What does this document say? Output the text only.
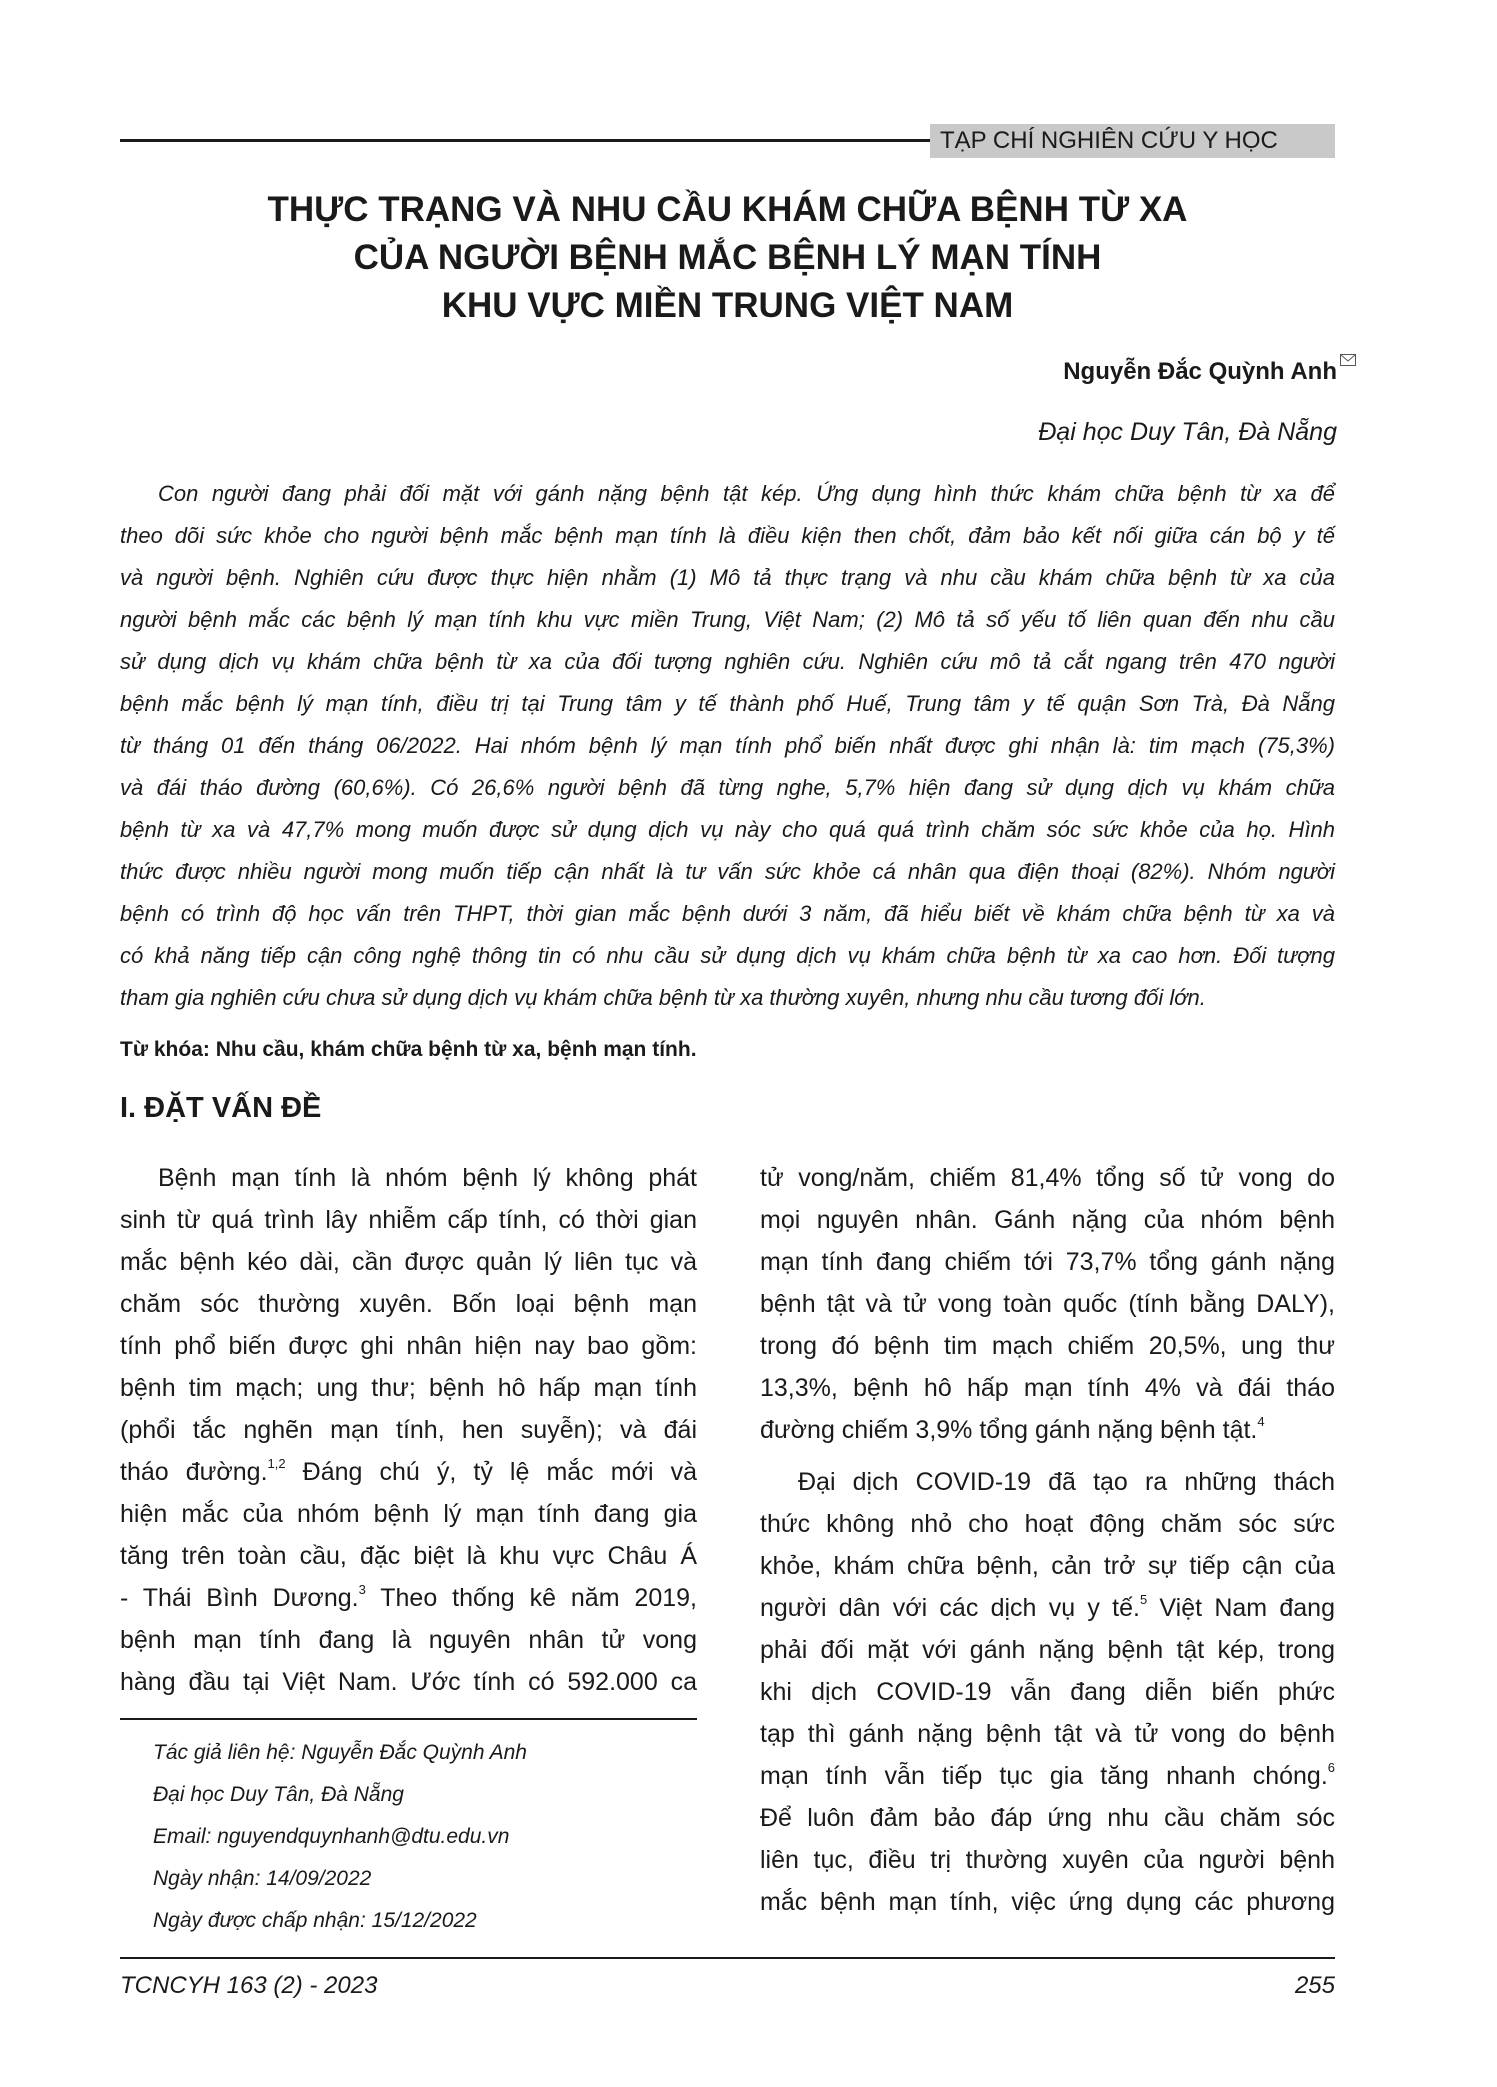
TẠP CHÍ NGHIÊN CỨU Y HỌC
THỰC TRẠNG VÀ NHU CẦU KHÁM CHỮA BỆNH TỪ XA
CỦA NGƯỜI BỆNH MẮC BỆNH LÝ MẠN TÍNH
KHU VỰC MIỀN TRUNG VIỆT NAM
Nguyễn Đắc Quỳnh Anh
Đại học Duy Tân, Đà Nẵng
Con người đang phải đối mặt với gánh nặng bệnh tật kép. Ứng dụng hình thức khám chữa bệnh từ xa để
theo dõi sức khỏe cho người bệnh mắc bệnh mạn tính là điều kiện then chốt, đảm bảo kết nối giữa cán bộ y tế
và người bệnh. Nghiên cứu được thực hiện nhằm (1) Mô tả thực trạng và nhu cầu khám chữa bệnh từ xa của
người bệnh mắc các bệnh lý mạn tính khu vực miền Trung, Việt Nam; (2) Mô tả số yếu tố liên quan đến nhu cầu
sử dụng dịch vụ khám chữa bệnh từ xa của đối tượng nghiên cứu. Nghiên cứu mô tả cắt ngang trên 470 người
bệnh mắc bệnh lý mạn tính, điều trị tại Trung tâm y tế thành phố Huế, Trung tâm y tế quận Sơn Trà, Đà Nẵng
từ tháng 01 đến tháng 06/2022. Hai nhóm bệnh lý mạn tính phổ biến nhất được ghi nhận là: tim mạch (75,3%)
và đái tháo đường (60,6%). Có 26,6% người bệnh đã từng nghe, 5,7% hiện đang sử dụng dịch vụ khám chữa
bệnh từ xa và 47,7% mong muốn được sử dụng dịch vụ này cho quá quá trình chăm sóc sức khỏe của họ. Hình
thức được nhiều người mong muốn tiếp cận nhất là tư vấn sức khỏe cá nhân qua điện thoại (82%). Nhóm người
bệnh có trình độ học vấn trên THPT, thời gian mắc bệnh dưới 3 năm, đã hiểu biết về khám chữa bệnh từ xa và
có khả năng tiếp cận công nghệ thông tin có nhu cầu sử dụng dịch vụ khám chữa bệnh từ xa cao hơn. Đối tượng
tham gia nghiên cứu chưa sử dụng dịch vụ khám chữa bệnh từ xa thường xuyên, nhưng nhu cầu tương đối lớn.
Từ khóa: Nhu cầu, khám chữa bệnh từ xa, bệnh mạn tính.
I. ĐẶT VẤN ĐỀ
Bệnh mạn tính là nhóm bệnh lý không phát
sinh từ quá trình lây nhiễm cấp tính, có thời gian
mắc bệnh kéo dài, cần được quản lý liên tục và
chăm sóc thường xuyên. Bốn loại bệnh mạn
tính phổ biến được ghi nhân hiện nay bao gồm:
bệnh tim mạch; ung thư; bệnh hô hấp mạn tính
(phổi tắc nghẽn mạn tính, hen suyễn); và đái
tháo đường.$^{1,2}$ Đáng chú ý, tỷ lệ mắc mới và
hiện mắc của nhóm bệnh lý mạn tính đang gia
tăng trên toàn cầu, đặc biệt là khu vực Châu Á
- Thái Bình Dương.$^3$ Theo thống kê năm 2019,
bệnh mạn tính đang là nguyên nhân tử vong
hàng đầu tại Việt Nam. Ước tính có 592.000 ca
tử vong/năm, chiếm 81,4% tổng số tử vong do
mọi nguyên nhân. Gánh nặng của nhóm bệnh
mạn tính đang chiếm tới 73,7% tổng gánh nặng
bệnh tật và tử vong toàn quốc (tính bằng DALY),
trong đó bệnh tim mạch chiếm 20,5%, ung thư
13,3%, bệnh hô hấp mạn tính 4% và đái tháo
đường chiếm 3,9% tổng gánh nặng bệnh tật.$^4$
Đại dịch COVID-19 đã tạo ra những thách
thức không nhỏ cho hoạt động chăm sóc sức
khỏe, khám chữa bệnh, cản trở sự tiếp cận của
người dân với các dịch vụ y tế.$^5$ Việt Nam đang
phải đối mặt với gánh nặng bệnh tật kép, trong
khi dịch COVID-19 vẫn đang diễn biến phức
tạp thì gánh nặng bệnh tật và tử vong do bệnh
mạn tính vẫn tiếp tục gia tăng nhanh chóng.$^6$
Để luôn đảm bảo đáp ứng nhu cầu chăm sóc
liên tục, điều trị thường xuyên của người bệnh
mắc bệnh mạn tính, việc ứng dụng các phương
Tác giả liên hệ: Nguyễn Đắc Quỳnh Anh
Đại học Duy Tân, Đà Nẵng
Email: nguyendquynhanh@dtu.edu.vn
Ngày nhận: 14/09/2022
Ngày được chấp nhận: 15/12/2022
TCNCYH 163 (2) - 2023	255
